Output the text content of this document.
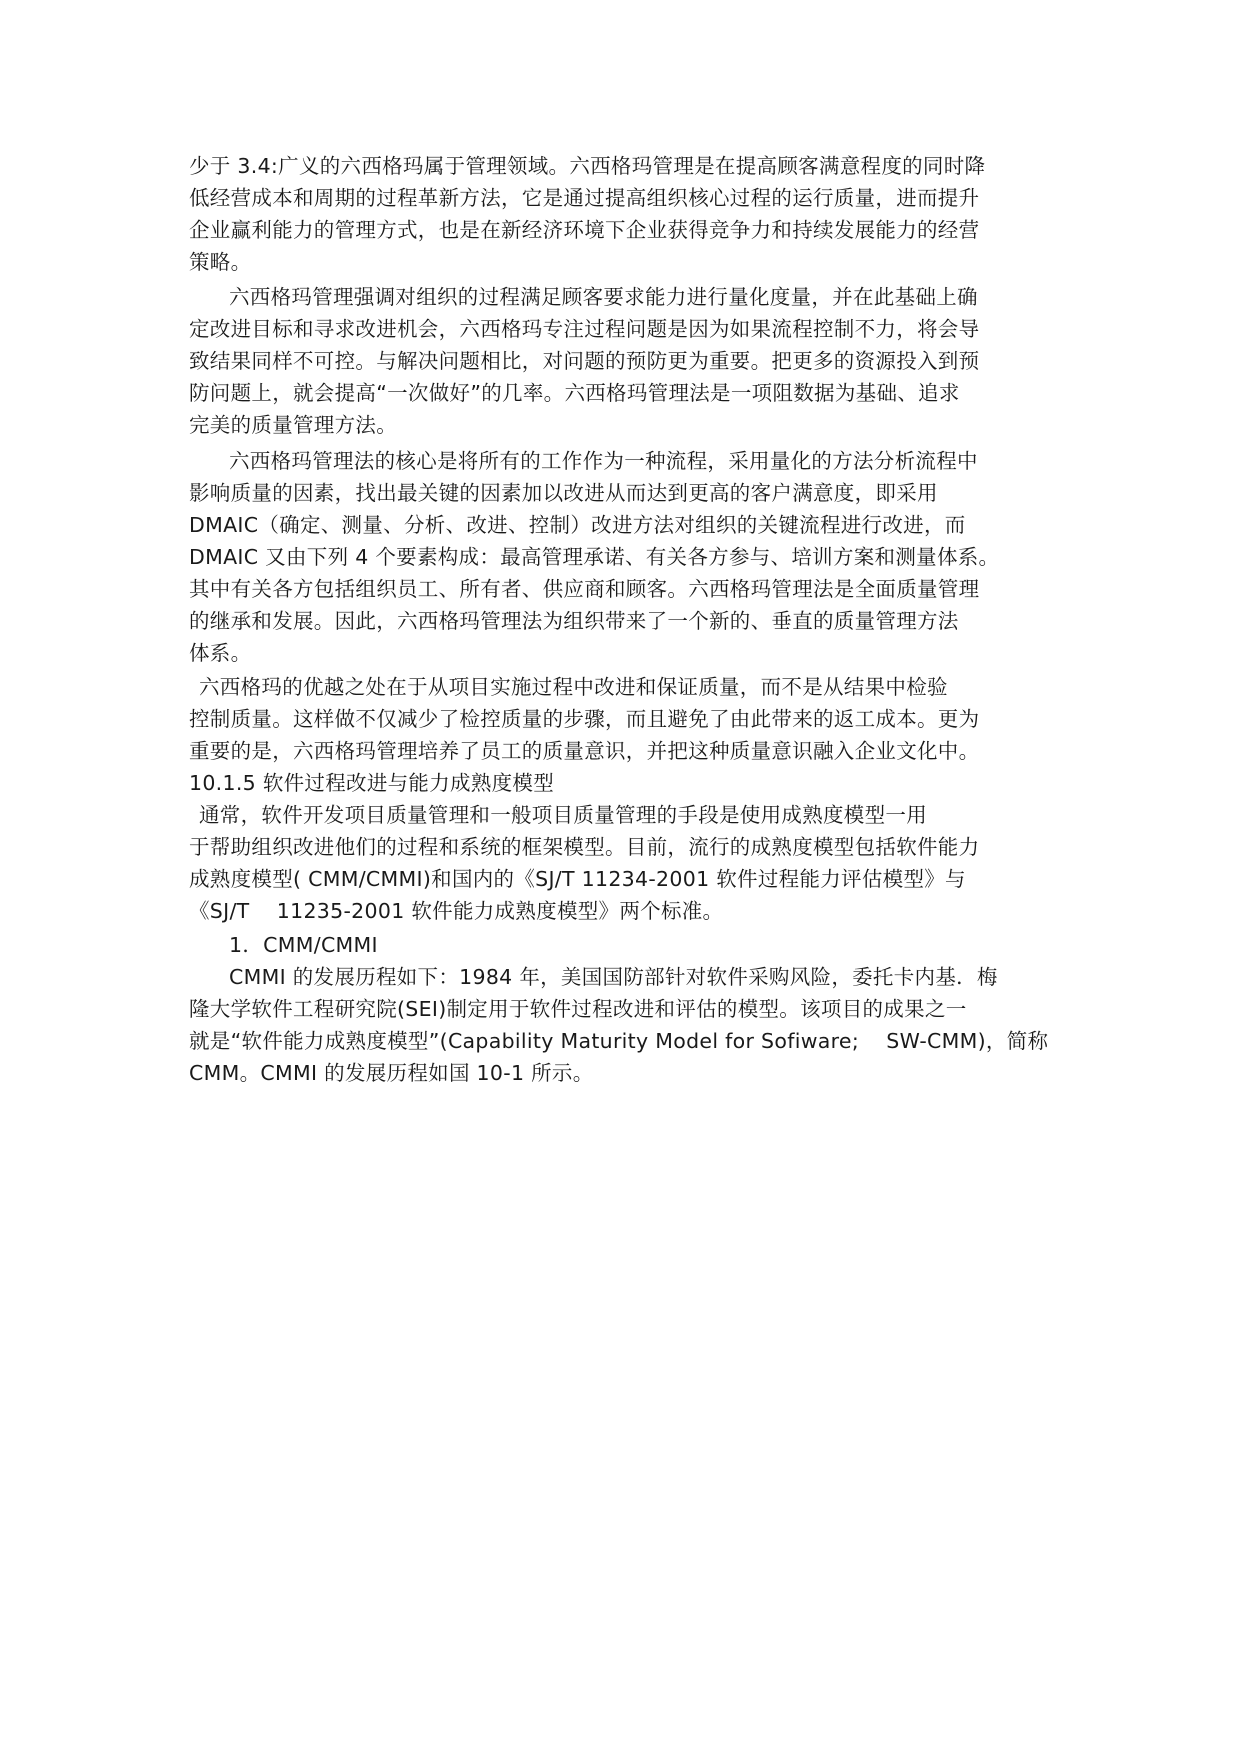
少于 3.4:广义的六西格玛属于管理领域。六西格玛管理是在提高顾客满意程度的同时降
低经营成本和周期的过程革新方法，它是通过提高组织核心过程的运行质量，进而提升
企业赢利能力的管理方式，也是在新经济环境下企业获得竞争力和持续发展能力的经营
策略。
六西格玛管理强调对组织的过程满足顾客要求能力进行量化度量，并在此基础上确
定改进目标和寻求改进机会，六西格玛专注过程问题是因为如果流程控制不力，将会导
致结果同样不可控。与解决问题相比，对问题的预防更为重要。把更多的资源投入到预
防问题上，就会提高“一次做好”的几率。六西格玛管理法是一项阻数据为基础、追求
完美的质量管理方法。
六西格玛管理法的核心是将所有的工作作为一种流程，采用量化的方法分析流程中
影响质量的因素，找出最关键的因素加以改进从而达到更高的客户满意度，即采用
DMAIC（确定、测量、分析、改进、控制）改进方法对组织的关键流程进行改进，而
DMAIC 又由下列 4 个要素构成：最高管理承诺、有关各方参与、培训方案和测量体系。
其中有关各方包括组织员工、所有者、供应商和顾客。六西格玛管理法是全面质量管理
的继承和发展。因此，六西格玛管理法为组织带来了一个新的、垂直的质量管理方法
体系。
六西格玛的优越之处在于从项目实施过程中改进和保证质量，而不是从结果中检验
控制质量。这样做不仅减少了检控质量的步骤，而且避免了由此带来的返工成本。更为
重要的是，六西格玛管理培养了员工的质量意识，并把这种质量意识融入企业文化中。
10.1.5 软件过程改进与能力成熟度模型
通常，软件开发项目质量管理和一般项目质量管理的手段是使用成熟度模型一用
于帮助组织改进他们的过程和系统的框架模型。目前，流行的成熟度模型包括软件能力
成熟度模型( CMM/CMMI)和国内的《SJ/T 11234-2001 软件过程能力评估模型》与
《SJ/T    11235-2001 软件能力成熟度模型》两个标准。
1．CMM/CMMI
CMMI 的发展历程如下：1984 年，美国国防部针对软件采购风险，委托卡内基．梅
隆大学软件工程研究院(SEI)制定用于软件过程改进和评估的模型。该项目的成果之一
就是“软件能力成熟度模型”(Capability Maturity Model for Sofiware;    SW-CMM)，简称
CMM。CMMI 的发展历程如国 10-1 所示。
